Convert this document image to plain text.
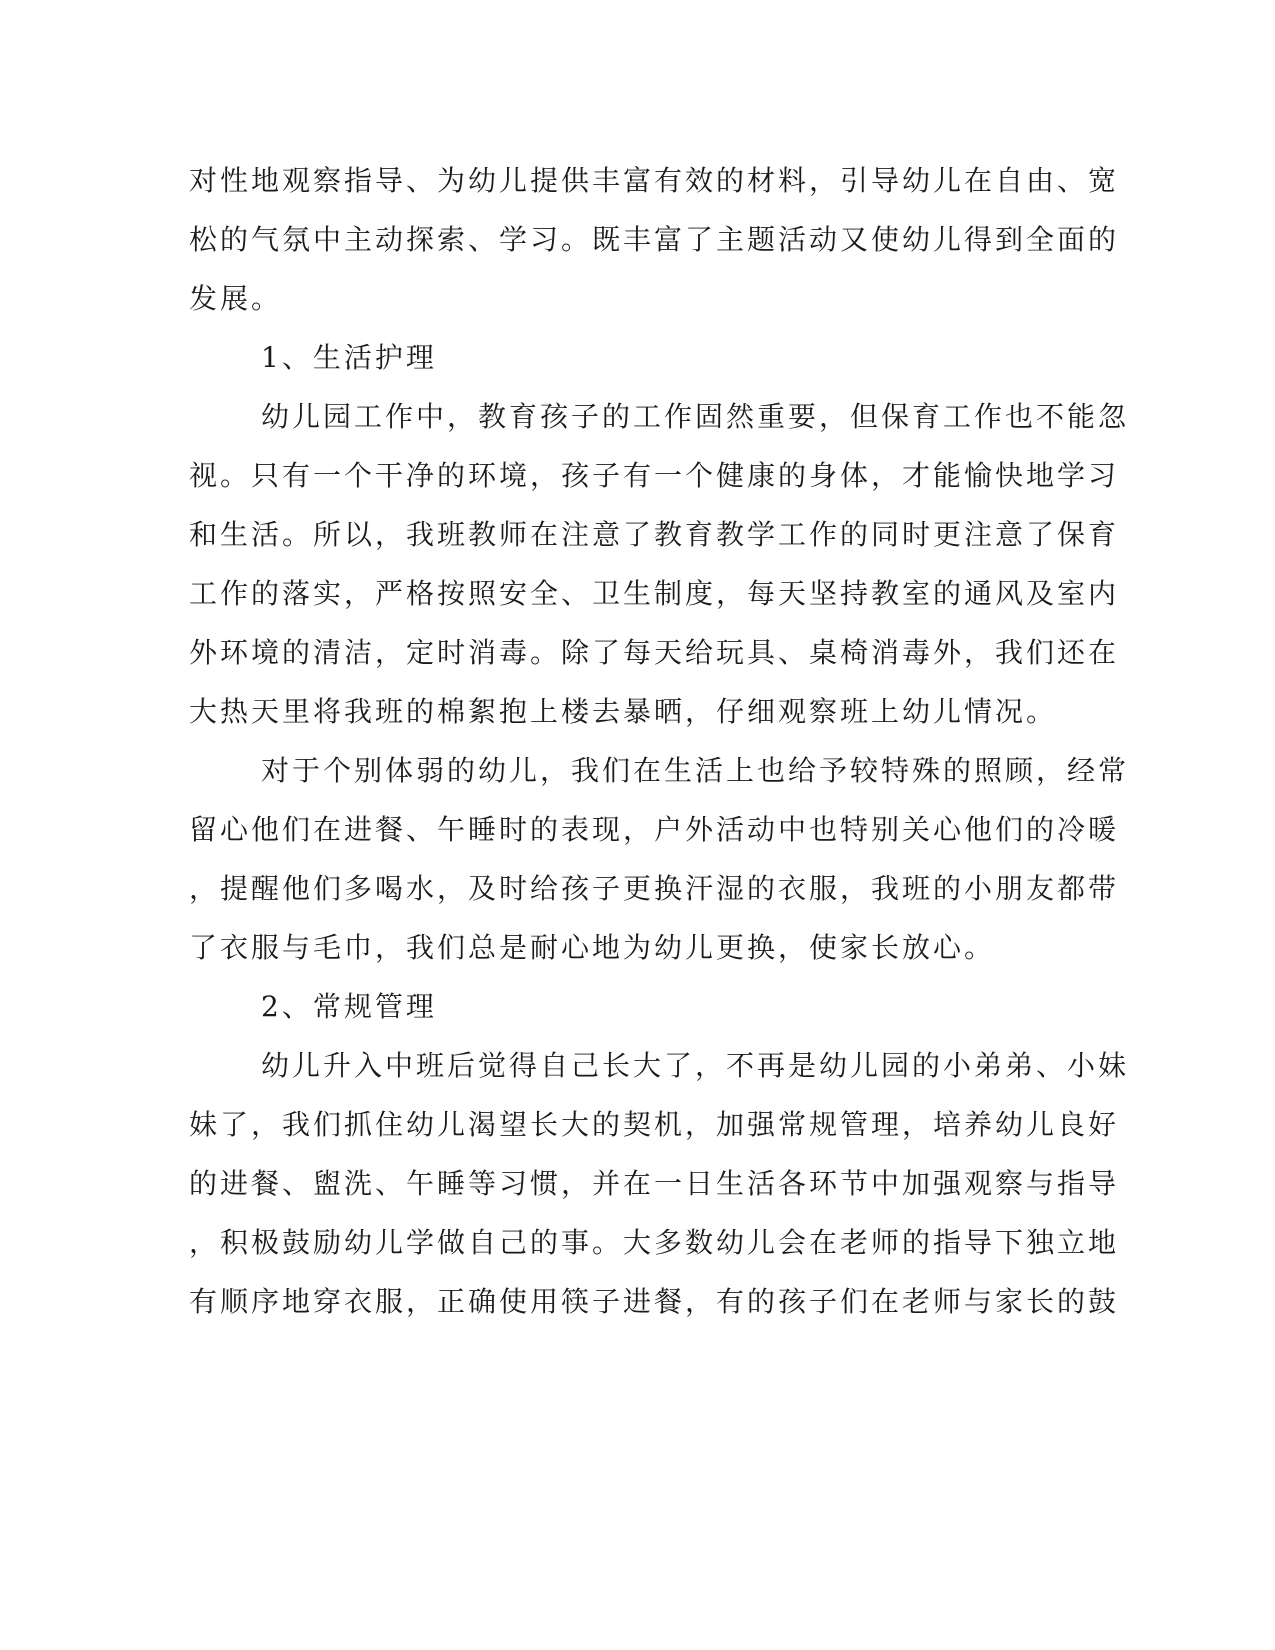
对性地观察指导、为幼儿提供丰富有效的材料，引导幼儿在自由、宽
松的气氛中主动探索、学习。既丰富了主题活动又使幼儿得到全面的
发展。
1、生活护理
幼儿园工作中，教育孩子的工作固然重要，但保育工作也不能忽
视。只有一个干净的环境，孩子有一个健康的身体，才能愉快地学习
和生活。所以，我班教师在注意了教育教学工作的同时更注意了保育
工作的落实，严格按照安全、卫生制度，每天坚持教室的通风及室内
外环境的清洁，定时消毒。除了每天给玩具、桌椅消毒外，我们还在
大热天里将我班的棉絮抱上楼去暴晒，仔细观察班上幼儿情况。
对于个别体弱的幼儿，我们在生活上也给予较特殊的照顾，经常
留心他们在进餐、午睡时的表现，户外活动中也特别关心他们的冷暖
，提醒他们多喝水，及时给孩子更换汗湿的衣服，我班的小朋友都带
了衣服与毛巾，我们总是耐心地为幼儿更换，使家长放心。
2、常规管理
幼儿升入中班后觉得自己长大了，不再是幼儿园的小弟弟、小妹
妹了，我们抓住幼儿渴望长大的契机，加强常规管理，培养幼儿良好
的进餐、盥洗、午睡等习惯，并在一日生活各环节中加强观察与指导
，积极鼓励幼儿学做自己的事。大多数幼儿会在老师的指导下独立地
有顺序地穿衣服，正确使用筷子进餐，有的孩子们在老师与家长的鼓
